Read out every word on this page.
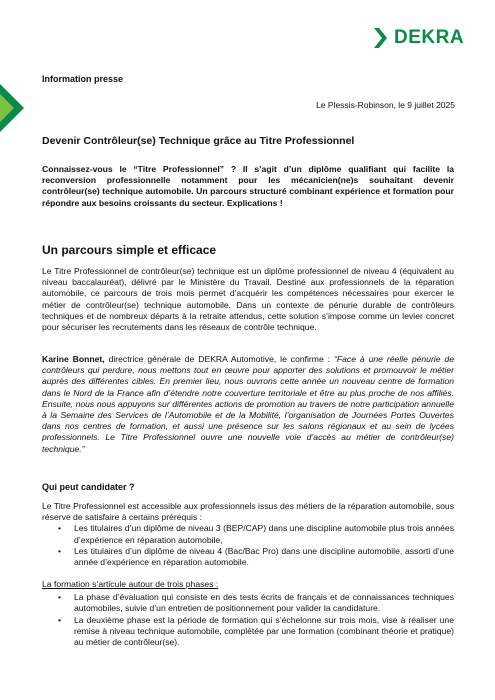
DEKRA
Information presse
Le Plessis-Robinson, le 9 juillet 2025
Devenir Contrôleur(se) Technique grâce au Titre Professionnel
Connaissez-vous le “Titre Professionnel” ? Il s’agit d’un diplôme qualifiant qui facilite la reconversion professionnelle notamment pour les mécanicien(ne)s souhaitant devenir contrôleur(se) technique automobile. Un parcours structuré combinant expérience et formation pour répondre aux besoins croissants du secteur. Explications !
Un parcours simple et efficace
Le Titre Professionnel de contrôleur(se) technique est un diplôme professionnel de niveau 4 (équivalent au niveau baccalauréat), délivré par le Ministère du Travail. Destiné aux professionnels de la réparation automobile, ce parcours de trois mois permet d’acquérir les compétences nécessaires pour exercer le métier de contrôleur(se) technique automobile. Dans un contexte de pénurie durable de contrôleurs techniques et de nombreux départs à la retraite attendus, cette solution s’impose comme un levier concret pour sécuriser les recrutements dans les réseaux de contrôle technique.
Karine Bonnet, directrice générale de DEKRA Automotive, le confirme : “Face à une réelle pénurie de contrôleurs qui perdure, nous mettons tout en œuvre pour apporter des solutions et promouvoir le métier auprès des différentes cibles. En premier lieu, nous ouvrons cette année un nouveau centre de formation dans le Nord de la France afin d’étendre notre couverture territoriale et être au plus proche de nos affiliés. Ensuite, nous nous appuyons sur différentes actions de promotion au travers de notre participation annuelle à la Semaine des Services de l’Automobile et de la Mobilité, l’organisation de Journées Portes Ouvertes dans nos centres de formation, et aussi une présence sur les salons régionaux et au sein de lycées professionnels. Le Titre Professionnel ouvre une nouvelle voie d’accès au métier de contrôleur(se) technique.”
Qui peut candidater ?
Le Titre Professionnel est accessible aux professionnels issus des métiers de la réparation automobile, sous réserve de satisfaire à certains prérequis :
• Les titulaires d’un diplôme de niveau 3 (BEP/CAP) dans une discipline automobile plus trois années d’expérience en réparation automobile,
• Les titulaires d’un diplôme de niveau 4 (Bac/Bac Pro) dans une discipline automobile, assorti d’une année d’expérience en réparation automobile.
La formation s’articule autour de trois phases :
• La phase d’évaluation qui consiste en des tests écrits de français et de connaissances techniques automobiles, suivie d’un entretien de positionnement pour valider la candidature.
• La deuxième phase est la période de formation qui s’échelonne sur trois mois, vise à réaliser une remise à niveau technique automobile, complétée par une formation (combinant théorie et pratique) au métier de contrôleur(se).
